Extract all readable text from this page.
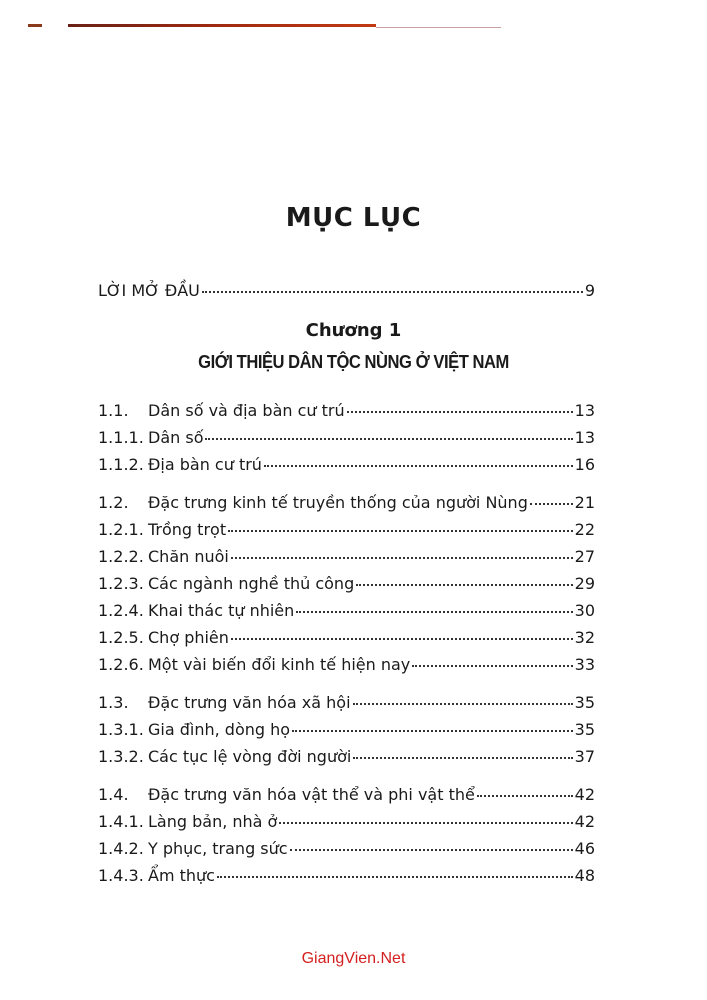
MỤC LỤC
LỜI MỞ ĐẦU	9
Chương 1
GIỚI THIỆU DÂN TỘC NÙNG Ở VIỆT NAM
1.1.	Dân số và địa bàn cư trú	13
1.1.1. Dân số	13
1.1.2. Địa bàn cư trú	16
1.2.	Đặc trưng kinh tế truyền thống của người Nùng	21
1.2.1. Trồng trọt	22
1.2.2. Chăn nuôi	27
1.2.3. Các ngành nghề thủ công	29
1.2.4. Khai thác tự nhiên	30
1.2.5. Chợ phiên	32
1.2.6. Một vài biến đổi kinh tế hiện nay	33
1.3.	Đặc trưng văn hóa xã hội	35
1.3.1. Gia đình, dòng họ	35
1.3.2. Các tục lệ vòng đời người	37
1.4.	Đặc trưng văn hóa vật thể và phi vật thể	42
1.4.1. Làng bản, nhà ở	42
1.4.2. Y phục, trang sức	46
1.4.3. Ẩm thực	48
GiangVien.Net
